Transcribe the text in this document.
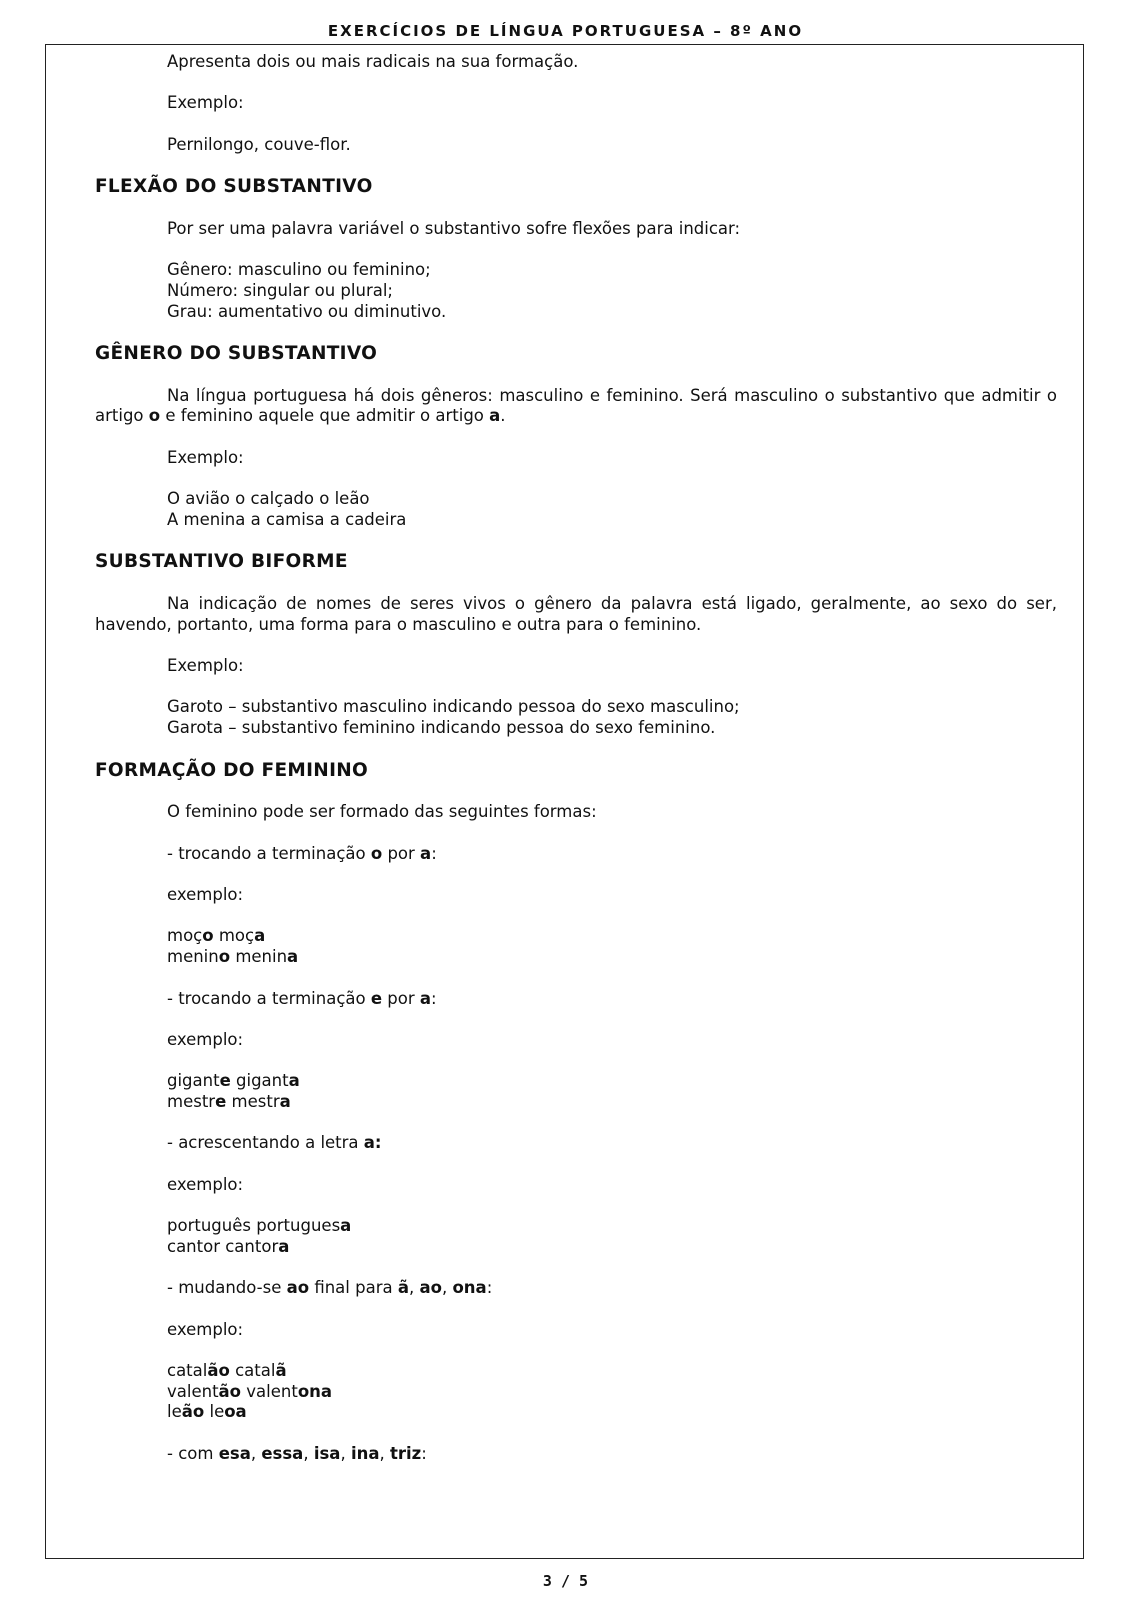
EXERCÍCIOS DE LÍNGUA PORTUGUESA – 8º ANO

Apresenta dois ou mais radicais na sua formação.

Exemplo:

Pernilongo, couve-flor.

FLEXÃO DO SUBSTANTIVO

Por ser uma palavra variável o substantivo sofre flexões para indicar:

Gênero: masculino ou feminino;
Número: singular ou plural;
Grau: aumentativo ou diminutivo.

GÊNERO DO SUBSTANTIVO

Na língua portuguesa há dois gêneros: masculino e feminino. Será masculino o substantivo que admitir o artigo o e feminino aquele que admitir o artigo a.

Exemplo:

O avião o calçado o leão
A menina a camisa a cadeira

SUBSTANTIVO BIFORME

Na indicação de nomes de seres vivos o gênero da palavra está ligado, geralmente, ao sexo do ser, havendo, portanto, uma forma para o masculino e outra para o feminino.

Exemplo:

Garoto – substantivo masculino indicando pessoa do sexo masculino;
Garota – substantivo feminino indicando pessoa do sexo feminino.

FORMAÇÃO DO FEMININO

O feminino pode ser formado das seguintes formas:

- trocando a terminação o por a:

exemplo:

moço moça
menino menina

- trocando a terminação e por a:

exemplo:

gigante giganta
mestre mestra

- acrescentando a letra a:

exemplo:

português portuguesa
cantor cantora

- mudando-se ao final para ã, ao, ona:

exemplo:

catalão catalã
valentão valentona
leão leoa

- com esa, essa, isa, ina, triz:

3 / 5
